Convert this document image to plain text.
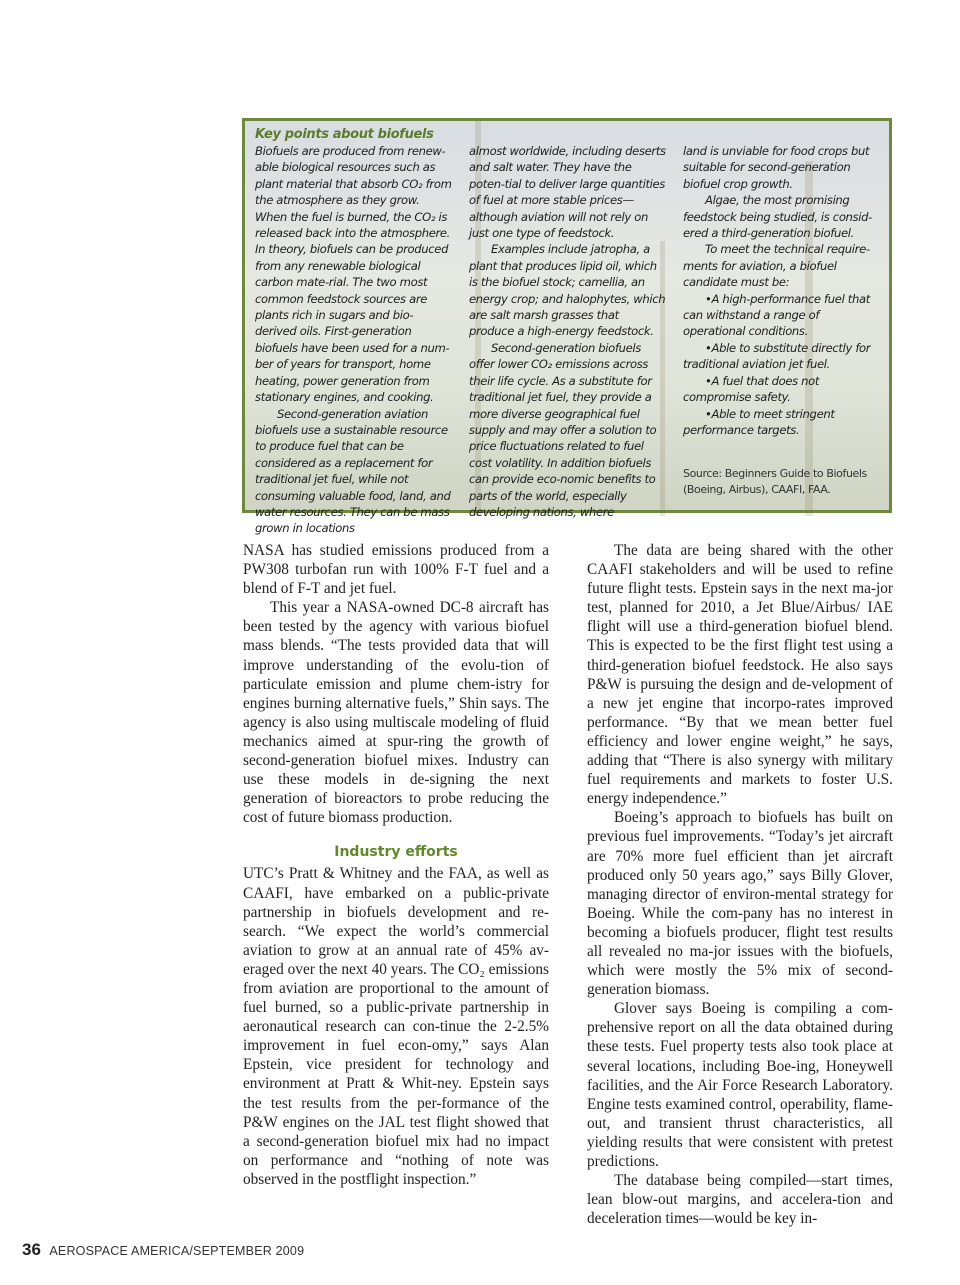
Key points about biofuels

Biofuels are produced from renew-able biological resources such as plant material that absorb CO₂ from the atmosphere as they grow. When the fuel is burned, the CO₂ is released back into the atmosphere. In theory, biofuels can be produced from any renewable biological carbon mate-rial. The two most common feedstock sources are plants rich in sugars and bio-derived oils. First-generation biofuels have been used for a num-ber of years for transport, home heating, power generation from stationary engines, and cooking.

Second-generation aviation biofuels use a sustainable resource to produce fuel that can be considered as a replacement for traditional jet fuel, while not consuming valuable food, land, and water resources. They can be mass grown in locations

almost worldwide, including deserts and salt water. They have the poten-tial to deliver large quantities of fuel at more stable prices—although aviation will not rely on just one type of feedstock.

Examples include jatropha, a plant that produces lipid oil, which is the biofuel stock; camellia, an energy crop; and halophytes, which are salt marsh grasses that produce a high-energy feedstock.

Second-generation biofuels offer lower CO₂ emissions across their life cycle. As a substitute for traditional jet fuel, they provide a more diverse geographical fuel supply and may offer a solution to price fluctuations related to fuel cost volatility. In addition biofuels can provide eco-nomic benefits to parts of the world, especially developing nations, where

land is unviable for food crops but suitable for second-generation biofuel crop growth.

Algae, the most promising feedstock being studied, is consid-ered a third-generation biofuel.

To meet the technical require-ments for aviation, a biofuel candidate must be:

•A high-performance fuel that can withstand a range of operational conditions.

•Able to substitute directly for traditional aviation jet fuel.

•A fuel that does not compromise safety.

•Able to meet stringent performance targets.

Source: Beginners Guide to Biofuels (Boeing, Airbus), CAAFI, FAA.

NASA has studied emissions produced from a PW308 turbofan run with 100% F-T fuel and a blend of F-T and jet fuel.

This year a NASA-owned DC-8 aircraft has been tested by the agency with various biofuel mass blends. “The tests provided data that will improve understanding of the evolu-tion of particulate emission and plume chem-istry for engines burning alternative fuels,” Shin says. The agency is also using multiscale modeling of fluid mechanics aimed at spur-ring the growth of second-generation biofuel mixes. Industry can use these models in de-signing the next generation of bioreactors to probe reducing the cost of future biomass production.

Industry efforts

UTC’s Pratt & Whitney and the FAA, as well as CAAFI, have embarked on a public-private partnership in biofuels development and re-search. “We expect the world’s commercial aviation to grow at an annual rate of 45% av-eraged over the next 40 years. The CO₂ emissions from aviation are proportional to the amount of fuel burned, so a public-private partnership in aeronautical research can con-tinue the 2-2.5% improvement in fuel econ-omy,” says Alan Epstein, vice president for technology and environment at Pratt & Whit-ney. Epstein says the test results from the per-formance of the P&W engines on the JAL test flight showed that a second-generation biofuel mix had no impact on performance and “nothing of note was observed in the postflight inspection.”

The data are being shared with the other CAAFI stakeholders and will be used to refine future flight tests. Epstein says in the next ma-jor test, planned for 2010, a Jet Blue/Airbus/ IAE flight will use a third-generation biofuel blend. This is expected to be the first flight test using a third-generation biofuel feedstock. He also says P&W is pursuing the design and de-velopment of a new jet engine that incorpo-rates improved performance. “By that we mean better fuel efficiency and lower engine weight,” he says, adding that “There is also synergy with military fuel requirements and markets to foster U.S. energy independence.”

Boeing’s approach to biofuels has built on previous fuel improvements. “Today’s jet aircraft are 70% more fuel efficient than jet aircraft produced only 50 years ago,” says Billy Glover, managing director of environ-mental strategy for Boeing. While the com-pany has no interest in becoming a biofuels producer, flight test results all revealed no ma-jor issues with the biofuels, which were mostly the 5% mix of second-generation biomass.

Glover says Boeing is compiling a com-prehensive report on all the data obtained during these tests. Fuel property tests also took place at several locations, including Boe-ing, Honeywell facilities, and the Air Force Research Laboratory. Engine tests examined control, operability, flame-out, and transient thrust characteristics, all yielding results that were consistent with pretest predictions.

The database being compiled—start times, lean blow-out margins, and accelera-tion and deceleration times—would be key in-

36 AEROSPACE AMERICA/SEPTEMBER 2009
